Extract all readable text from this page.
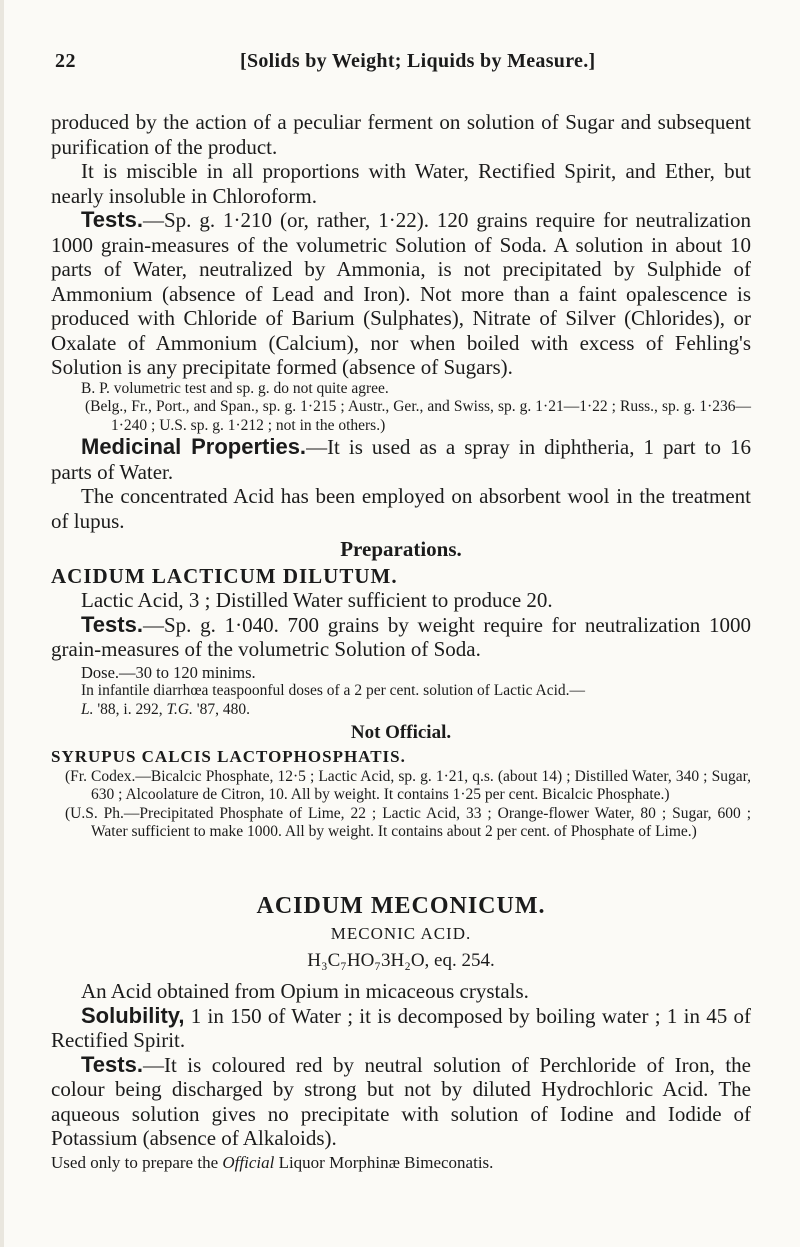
22	[Solids by Weight; Liquids by Measure.]

produced by the action of a peculiar ferment on solution of Sugar and subsequent purification of the product.

It is miscible in all proportions with Water, Rectified Spirit, and Ether, but nearly insoluble in Chloroform.

Tests.—Sp. g. 1·210 (or, rather, 1·22). 120 grains require for neutralization 1000 grain-measures of the volumetric Solution of Soda. A solution in about 10 parts of Water, neutralized by Ammonia, is not precipitated by Sulphide of Ammonium (absence of Lead and Iron). Not more than a faint opalescence is produced with Chloride of Barium (Sulphates), Nitrate of Silver (Chlorides), or Oxalate of Ammonium (Calcium), nor when boiled with excess of Fehling's Solution is any precipitate formed (absence of Sugars).

B. P. volumetric test and sp. g. do not quite agree.

(Belg., Fr., Port., and Span., sp. g. 1·215 ; Austr., Ger., and Swiss, sp. g. 1·21—1·22 ; Russ., sp. g. 1·236—1·240 ; U.S. sp. g. 1·212 ; not in the others.)

Medicinal Properties.—It is used as a spray in diphtheria, 1 part to 16 parts of Water.

The concentrated Acid has been employed on absorbent wool in the treatment of lupus.

Preparations.

ACIDUM LACTICUM DILUTUM.

Lactic Acid, 3 ; Distilled Water sufficient to produce 20.

Tests.—Sp. g. 1·040. 700 grains by weight require for neutralization 1000 grain-measures of the volumetric Solution of Soda.

Dose.—30 to 120 minims.

In infantile diarrhœa teaspoonful doses of a 2 per cent. solution of Lactic Acid.—
L. '88, i. 292, T.G. '87, 480.

Not Official.

SYRUPUS CALCIS LACTOPHOSPHATIS.

(Fr. Codex.—Bicalcic Phosphate, 12·5 ; Lactic Acid, sp. g. 1·21, q.s. (about 14) ; Distilled Water, 340 ; Sugar, 630 ; Alcoolature de Citron, 10. All by weight. It contains 1·25 per cent. Bicalcic Phosphate.)

(U.S. Ph.—Precipitated Phosphate of Lime, 22 ; Lactic Acid, 33 ; Orange-flower Water, 80 ; Sugar, 600 ; Water sufficient to make 1000. All by weight. It contains about 2 per cent. of Phosphate of Lime.)

ACIDUM MECONICUM.

MECONIC ACID.

H₃C₇HO₇3H₂O, eq. 254.

An Acid obtained from Opium in micaceous crystals.

Solubility, 1 in 150 of Water ; it is decomposed by boiling water ; 1 in 45 of Rectified Spirit.

Tests.—It is coloured red by neutral solution of Perchloride of Iron, the colour being discharged by strong but not by diluted Hydrochloric Acid. The aqueous solution gives no precipitate with solution of Iodine and Iodide of Potassium (absence of Alkaloids).

Used only to prepare the Official Liquor Morphinæ Bimeconatis.
